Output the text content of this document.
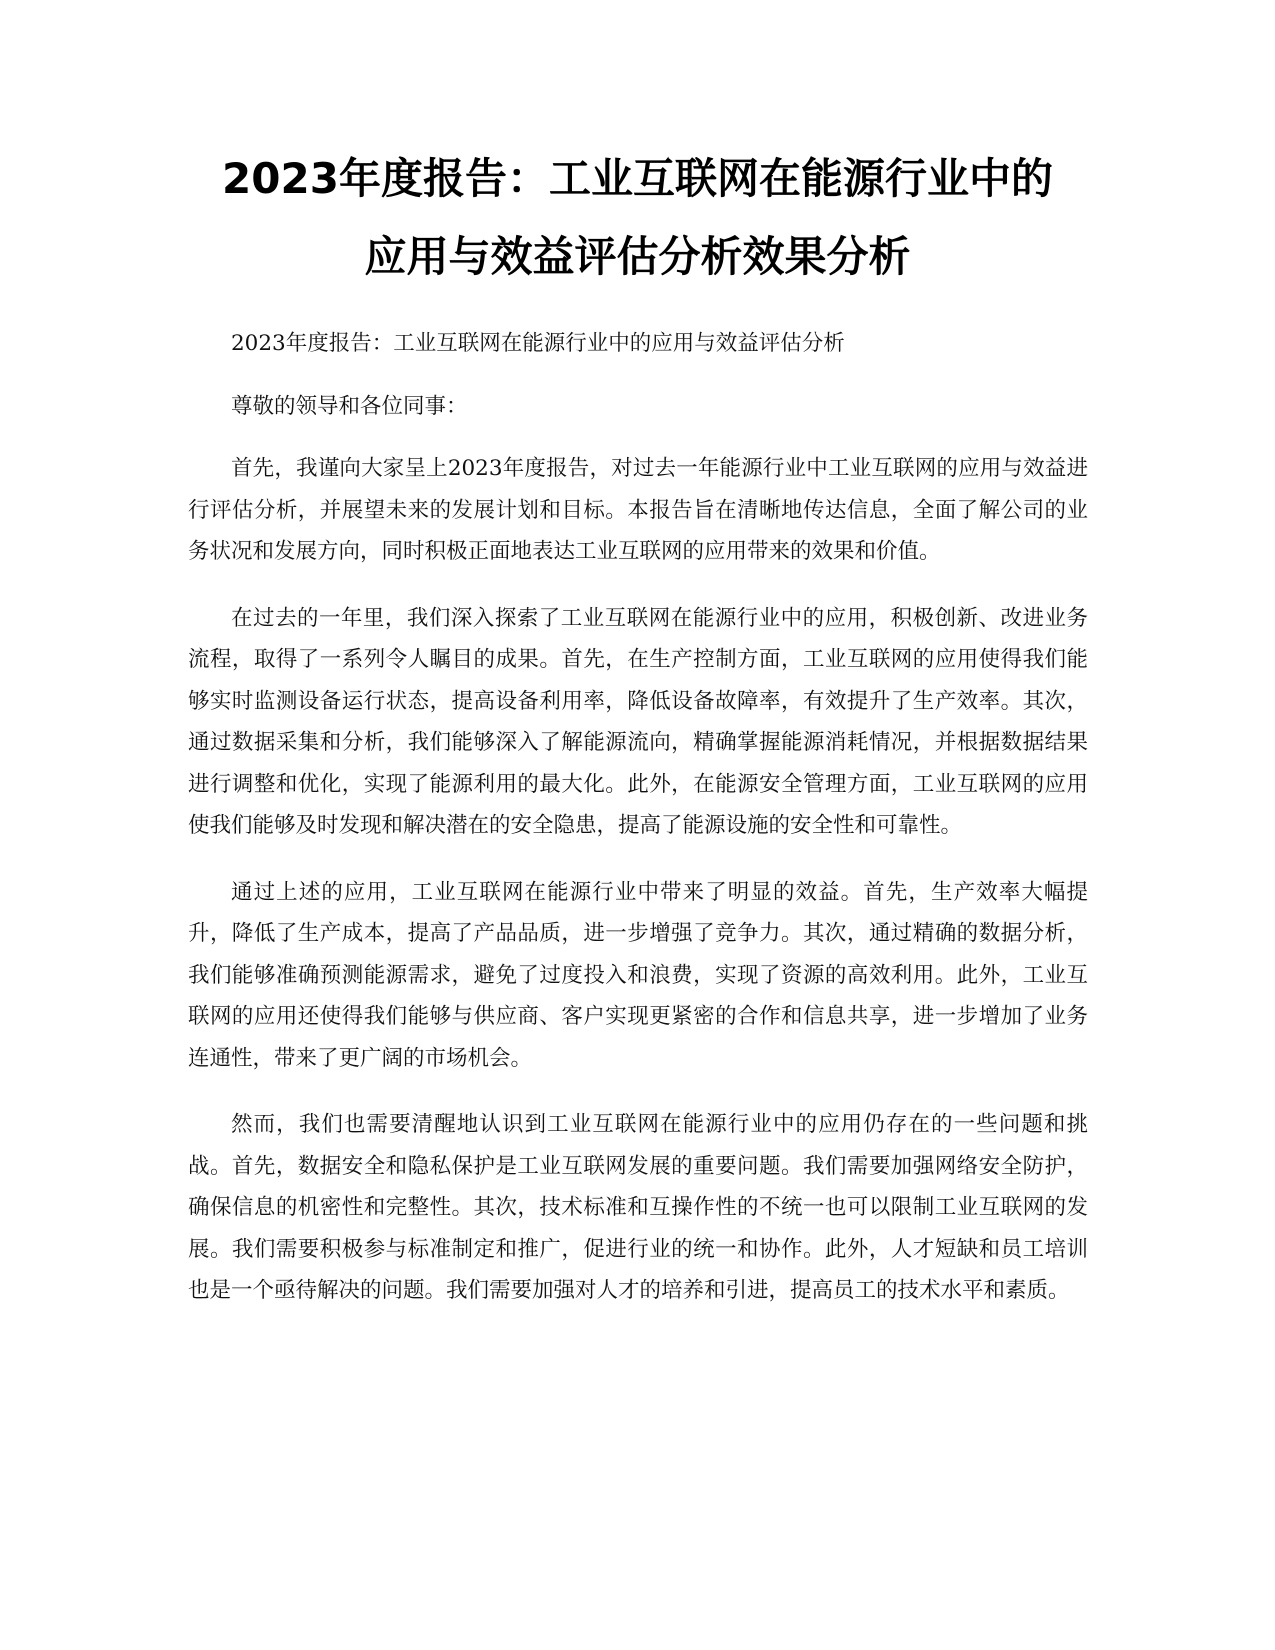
2023年度报告：工业互联网在能源行业中的
应用与效益评估分析效果分析

2023年度报告：工业互联网在能源行业中的应用与效益评估分析

尊敬的领导和各位同事：

首先，我谨向大家呈上2023年度报告，对过去一年能源行业中工业互联网的应用与效益进行评估分析，并展望未来的发展计划和目标。本报告旨在清晰地传达信息，全面了解公司的业务状况和发展方向，同时积极正面地表达工业互联网的应用带来的效果和价值。

在过去的一年里，我们深入探索了工业互联网在能源行业中的应用，积极创新、改进业务流程，取得了一系列令人瞩目的成果。首先，在生产控制方面，工业互联网的应用使得我们能够实时监测设备运行状态，提高设备利用率，降低设备故障率，有效提升了生产效率。其次，通过数据采集和分析，我们能够深入了解能源流向，精确掌握能源消耗情况，并根据数据结果进行调整和优化，实现了能源利用的最大化。此外，在能源安全管理方面，工业互联网的应用使我们能够及时发现和解决潜在的安全隐患，提高了能源设施的安全性和可靠性。

通过上述的应用，工业互联网在能源行业中带来了明显的效益。首先，生产效率大幅提升，降低了生产成本，提高了产品品质，进一步增强了竞争力。其次，通过精确的数据分析，我们能够准确预测能源需求，避免了过度投入和浪费，实现了资源的高效利用。此外，工业互联网的应用还使得我们能够与供应商、客户实现更紧密的合作和信息共享，进一步增加了业务连通性，带来了更广阔的市场机会。

然而，我们也需要清醒地认识到工业互联网在能源行业中的应用仍存在的一些问题和挑战。首先，数据安全和隐私保护是工业互联网发展的重要问题。我们需要加强网络安全防护，确保信息的机密性和完整性。其次，技术标准和互操作性的不统一也可以限制工业互联网的发展。我们需要积极参与标准制定和推广，促进行业的统一和协作。此外，人才短缺和员工培训也是一个亟待解决的问题。我们需要加强对人才的培养和引进，提高员工的技术水平和素质。
